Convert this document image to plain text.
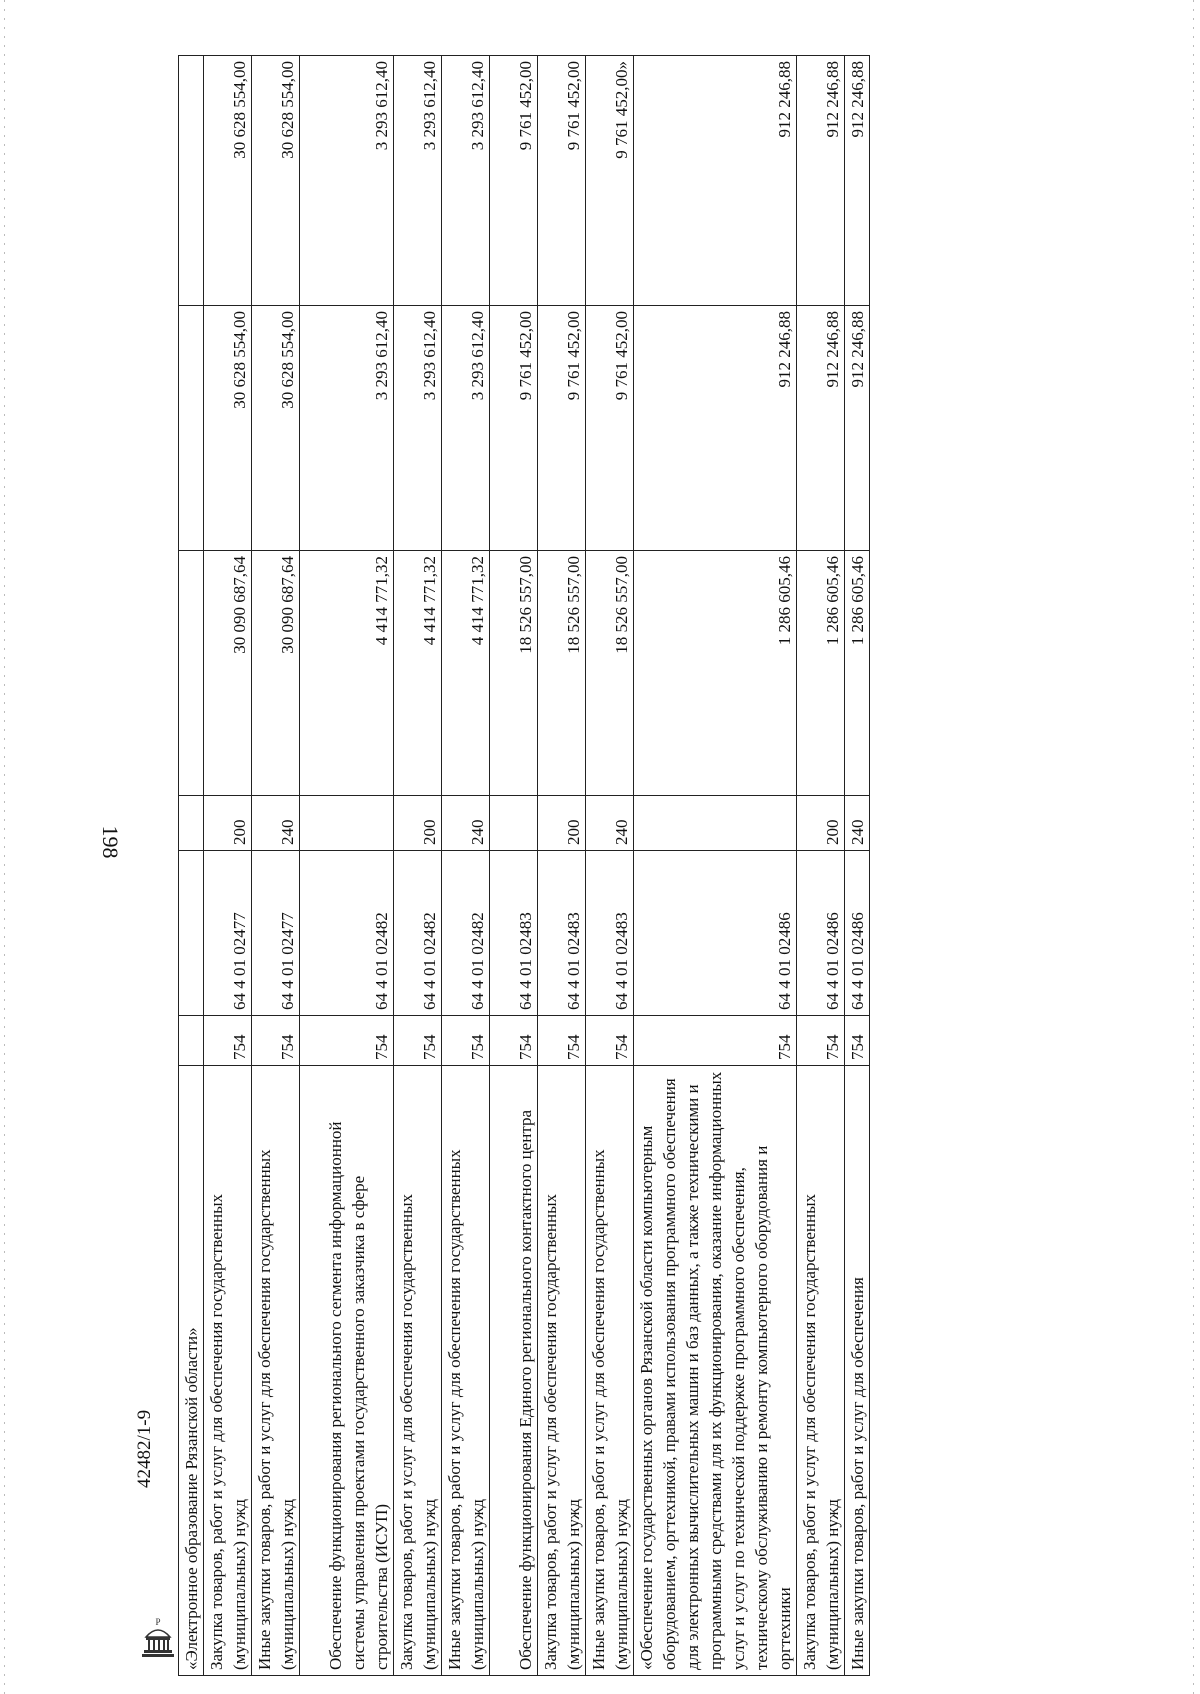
198
42482/1-9
Р «Электронное образование Рязанской области»						
Закупка товаров, работ и услуг для обеспечения государственных (муниципальных) нужд	754	64 4 01 02477	200	30 090 687,64	30 628 554,00	30 628 554,00
Иные закупки товаров, работ и услуг для обеспечения государственных (муниципальных) нужд	754	64 4 01 02477	240	30 090 687,64	30 628 554,00	30 628 554,00
Обеспечение функционирования регионального сегмента информационной системы управления проектами государственного заказчика в сфере строительства (ИСУП)	754	64 4 01 02482		4 414 771,32	3 293 612,40	3 293 612,40
Закупка товаров, работ и услуг для обеспечения государственных (муниципальных) нужд	754	64 4 01 02482	200	4 414 771,32	3 293 612,40	3 293 612,40
Иные закупки товаров, работ и услуг для обеспечения государственных (муниципальных) нужд	754	64 4 01 02482	240	4 414 771,32	3 293 612,40	3 293 612,40
Обеспечение функционирования Единого регионального контактного центра	754	64 4 01 02483		18 526 557,00	9 761 452,00	9 761 452,00
Закупка товаров, работ и услуг для обеспечения государственных (муниципальных) нужд	754	64 4 01 02483	200	18 526 557,00	9 761 452,00	9 761 452,00
Иные закупки товаров, работ и услуг для обеспечения государственных (муниципальных) нужд	754	64 4 01 02483	240	18 526 557,00	9 761 452,00	9 761 452,00»
«Обеспечение государственных органов Рязанской области компьютерным оборудованием, оргтехникой, правами использования программного обеспечения для электронных вычислительных машин и баз данных, а также техническими и программными средствами для их функционирования, оказание информационных услуг и услуг по технической поддержке программного обеспечения, техническому обслуживанию и ремонту компьютерного оборудования и оргтехники	754	64 4 01 02486		1 286 605,46	912 246,88	912 246,88
Закупка товаров, работ и услуг для обеспечения государственных (муниципальных) нужд	754	64 4 01 02486	200	1 286 605,46	912 246,88	912 246,88
Иные закупки товаров, работ и услуг для обеспечения	754	64 4 01 02486	240	1 286 605,46	912 246,88	912 246,88
